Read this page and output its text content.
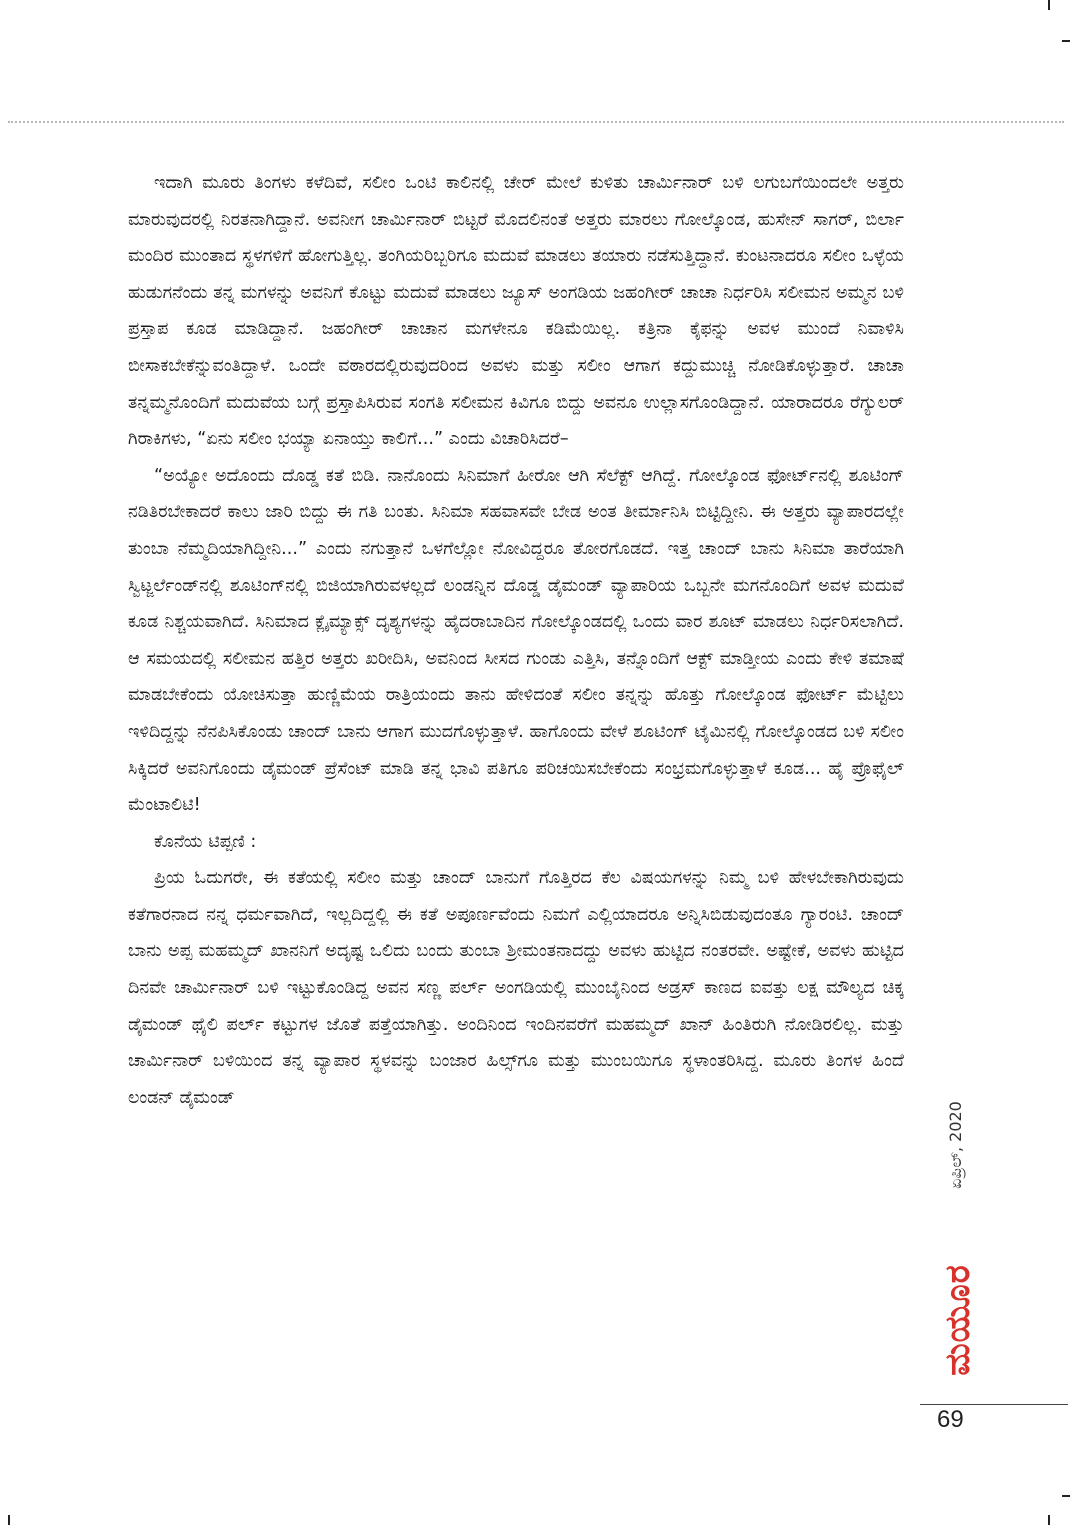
ಇದಾಗಿ ಮೂರು ತಿಂಗಳು ಕಳೆದಿವೆ, ಸಲೀಂ ಒಂಟಿ ಕಾಲಿನಲ್ಲಿ ಚೇರ್ ಮೇಲೆ ಕುಳಿತು ಚಾರ್ಮಿನಾರ್ ಬಳಿ ಲಗುಬಗೆಯಿಂದಲೇ ಅತ್ತರು ಮಾರುವುದರಲ್ಲಿ ನಿರತನಾಗಿದ್ದಾನೆ. ಅವನೀಗ ಚಾರ್ಮಿನಾರ್ ಬಿಟ್ಟರೆ ಮೊದಲಿನಂತೆ ಅತ್ತರು ಮಾರಲು ಗೋಲ್ಕೊಂಡ, ಹುಸೇನ್ ಸಾಗರ್, ಬಿರ್ಲಾ ಮಂದಿರ ಮುಂತಾದ ಸ್ಥಳಗಳಿಗೆ ಹೋಗುತ್ತಿಲ್ಲ. ತಂಗಿಯರಿಬ್ಬರಿಗೂ ಮದುವೆ ಮಾಡಲು ತಯಾರು ನಡೆಸುತ್ತಿದ್ದಾನೆ. ಕುಂಟನಾದರೂ ಸಲೀಂ ಒಳ್ಳೆಯ ಹುಡುಗನೆಂದು ತನ್ನ ಮಗಳನ್ನು ಅವನಿಗೆ ಕೊಟ್ಟು ಮದುವೆ ಮಾಡಲು ಜ್ಯೂಸ್ ಅಂಗಡಿಯ ಜಹಂಗೀರ್ ಚಾಚಾ ನಿರ್ಧರಿಸಿ ಸಲೀಮನ ಅಮ್ಮನ ಬಳಿ ಪ್ರಸ್ತಾಪ ಕೂಡ ಮಾಡಿದ್ದಾನೆ. ಜಹಂಗೀರ್ ಚಾಚಾನ ಮಗಳೇನೂ ಕಡಿಮೆಯಿಲ್ಲ. ಕತ್ರಿನಾ ಕೈಫನ್ನು ಅವಳ ಮುಂದೆ ನಿವಾಳಿಸಿ ಬೀಸಾಕಬೇಕೆನ್ನುವಂತಿದ್ದಾಳೆ. ಒಂದೇ ವಠಾರದಲ್ಲಿರುವುದರಿಂದ ಅವಳು ಮತ್ತು ಸಲೀಂ ಆಗಾಗ ಕದ್ದುಮುಚ್ಚಿ ನೋಡಿಕೊಳ್ಳುತ್ತಾರೆ. ಚಾಚಾ ತನ್ನಮ್ಮನೊಂದಿಗೆ ಮದುವೆಯ ಬಗ್ಗೆ ಪ್ರಸ್ತಾಪಿಸಿರುವ ಸಂಗತಿ ಸಲೀಮನ ಕಿವಿಗೂ ಬಿದ್ದು ಅವನೂ ಉಲ್ಲಾಸಗೊಂಡಿದ್ದಾನೆ. ಯಾರಾದರೂ ರೆಗ್ಯುಲರ್ ಗಿರಾಕಿಗಳು, “ಏನು ಸಲೀಂ ಭಯ್ಯಾ ಏನಾಯ್ತು ಕಾಲಿಗೆ...” ಎಂದು ವಿಚಾರಿಸಿದರೆ–

“ಅಯ್ಯೋ ಅದೊಂದು ದೊಡ್ಡ ಕತೆ ಬಿಡಿ. ನಾನೊಂದು ಸಿನಿಮಾಗೆ ಹೀರೋ ಆಗಿ ಸೆಲೆಕ್ಟ್ ಆಗಿದ್ದೆ. ಗೋಲ್ಕೊಂಡ ಫೋರ್ಟ್‌ನಲ್ಲಿ ಶೂಟಿಂಗ್ ನಡಿತಿರಬೇಕಾದರೆ ಕಾಲು ಜಾರಿ ಬಿದ್ದು ಈ ಗತಿ ಬಂತು. ಸಿನಿಮಾ ಸಹವಾಸವೇ ಬೇಡ ಅಂತ ತೀರ್ಮಾನಿಸಿ ಬಿಟ್ಟಿದ್ದೀನಿ. ಈ ಅತ್ತರು ವ್ಯಾಪಾರದಲ್ಲೇ ತುಂಬಾ ನೆಮ್ಮದಿಯಾಗಿದ್ದೀನಿ...” ಎಂದು ನಗುತ್ತಾನೆ ಒಳಗೆಲ್ಲೋ ನೋವಿದ್ದರೂ ತೋರಗೊಡದೆ. ಇತ್ತ ಚಾಂದ್ ಬಾನು ಸಿನಿಮಾ ತಾರೆಯಾಗಿ ಸ್ವಿಟ್ಜರ್ಲೆಂಡ್‌ನಲ್ಲಿ ಶೂಟಿಂಗ್‌ನಲ್ಲಿ ಬಿಜಿಯಾಗಿರುವಳಲ್ಲದೆ ಲಂಡನ್ನಿನ ದೊಡ್ಡ ಡೈಮಂಡ್ ವ್ಯಾಪಾರಿಯ ಒಬ್ಬನೇ ಮಗನೊಂದಿಗೆ ಅವಳ ಮದುವೆ ಕೂಡ ನಿಶ್ಚಯವಾಗಿದೆ. ಸಿನಿಮಾದ ಕ್ಲೈಮ್ಯಾಕ್ಸ್ ದೃಶ್ಯಗಳನ್ನು ಹೈದರಾಬಾದಿನ ಗೋಲ್ಕೊಂಡದಲ್ಲಿ ಒಂದು ವಾರ ಶೂಟ್ ಮಾಡಲು ನಿರ್ಧರಿಸಲಾಗಿದೆ. ಆ ಸಮಯದಲ್ಲಿ ಸಲೀಮನ ಹತ್ತಿರ ಅತ್ತರು ಖರೀದಿಸಿ, ಅವನಿಂದ ಸೀಸದ ಗುಂಡು ಎತ್ತಿಸಿ, ತನ್ನೊಂದಿಗೆ ಆಕ್ಟ್ ಮಾಡ್ತೀಯ ಎಂದು ಕೇಳಿ ತಮಾಷೆ ಮಾಡಬೇಕೆಂದು ಯೋಚಿಸುತ್ತಾ ಹುಣ್ಣಿಮೆಯ ರಾತ್ರಿಯಂದು ತಾನು ಹೇಳಿದಂತೆ ಸಲೀಂ ತನ್ನನ್ನು ಹೊತ್ತು ಗೋಲ್ಕೊಂಡ ಫೋರ್ಟ್ ಮೆಟ್ಟಿಲು ಇಳಿದಿದ್ದನ್ನು ನೆನಪಿಸಿಕೊಂಡು ಚಾಂದ್ ಬಾನು ಆಗಾಗ ಮುದಗೊಳ್ಳುತ್ತಾಳೆ. ಹಾಗೊಂದು ವೇಳೆ ಶೂಟಿಂಗ್ ಟೈಮಿನಲ್ಲಿ ಗೋಲ್ಕೊಂಡದ ಬಳಿ ಸಲೀಂ ಸಿಕ್ಕಿದರೆ ಅವನಿಗೊಂದು ಡೈಮಂಡ್ ಪ್ರೆಸೆಂಟ್ ಮಾಡಿ ತನ್ನ ಭಾವಿ ಪತಿಗೂ ಪರಿಚಯಿಸಬೇಕೆಂದು ಸಂಭ್ರಮಗೊಳ್ಳುತ್ತಾಳೆ ಕೂಡ... ಹೈ ಪ್ರೊಫೈಲ್ ಮೆಂಟಾಲಿಟಿ!

ಕೊನೆಯ ಟಿಪ್ಪಣಿ :

ಪ್ರಿಯ ಓದುಗರೇ, ಈ ಕತೆಯಲ್ಲಿ ಸಲೀಂ ಮತ್ತು ಚಾಂದ್ ಬಾನುಗೆ ಗೊತ್ತಿರದ ಕೆಲ ವಿಷಯಗಳನ್ನು ನಿಮ್ಮ ಬಳಿ ಹೇಳಬೇಕಾಗಿರುವುದು ಕತೆಗಾರನಾದ ನನ್ನ ಧರ್ಮವಾಗಿದೆ, ಇಲ್ಲದಿದ್ದಲ್ಲಿ ಈ ಕತೆ ಅಪೂರ್ಣವೆಂದು ನಿಮಗೆ ಎಲ್ಲಿಯಾದರೂ ಅನ್ನಿಸಿಬಿಡುವುದಂತೂ ಗ್ಯಾರಂಟಿ. ಚಾಂದ್ ಬಾನು ಅಪ್ಪ ಮಹಮ್ಮದ್ ಖಾನನಿಗೆ ಅದೃಷ್ಟ ಒಲಿದು ಬಂದು ತುಂಬಾ ಶ್ರೀಮಂತನಾದದ್ದು ಅವಳು ಹುಟ್ಟಿದ ನಂತರವೇ. ಅಷ್ಟೇಕೆ, ಅವಳು ಹುಟ್ಟಿದ ದಿನವೇ ಚಾರ್ಮಿನಾರ್ ಬಳಿ ಇಟ್ಟುಕೊಂಡಿದ್ದ ಅವನ ಸಣ್ಣ ಪರ್ಲ್ ಅಂಗಡಿಯಲ್ಲಿ ಮುಂಬೈನಿಂದ ಅಡ್ರಸ್ ಕಾಣದ ಐವತ್ತು ಲಕ್ಷ ಮೌಲ್ಯದ ಚಿಕ್ಕ ಡೈಮಂಡ್ ಥೈಲಿ ಪರ್ಲ್ ಕಟ್ಟುಗಳ ಜೊತೆ ಪತ್ತೆಯಾಗಿತ್ತು. ಅಂದಿನಿಂದ ಇಂದಿನವರೆಗೆ ಮಹಮ್ಮದ್ ಖಾನ್ ಹಿಂತಿರುಗಿ ನೋಡಿರಲಿಲ್ಲ. ಮತ್ತು ಚಾರ್ಮಿನಾರ್ ಬಳಿಯಿಂದ ತನ್ನ ವ್ಯಾಪಾರ ಸ್ಥಳವನ್ನು ಬಂಜಾರ ಹಿಲ್ಸ್‌ಗೂ ಮತ್ತು ಮುಂಬಯಿಗೂ ಸ್ಥಳಾಂತರಿಸಿದ್ದ. ಮೂರು ತಿಂಗಳ ಹಿಂದೆ ಲಂಡನ್ ಡೈಮಂಡ್

ಏಪ್ರಿಲ್, 2020
ಮಯೂರ
69
